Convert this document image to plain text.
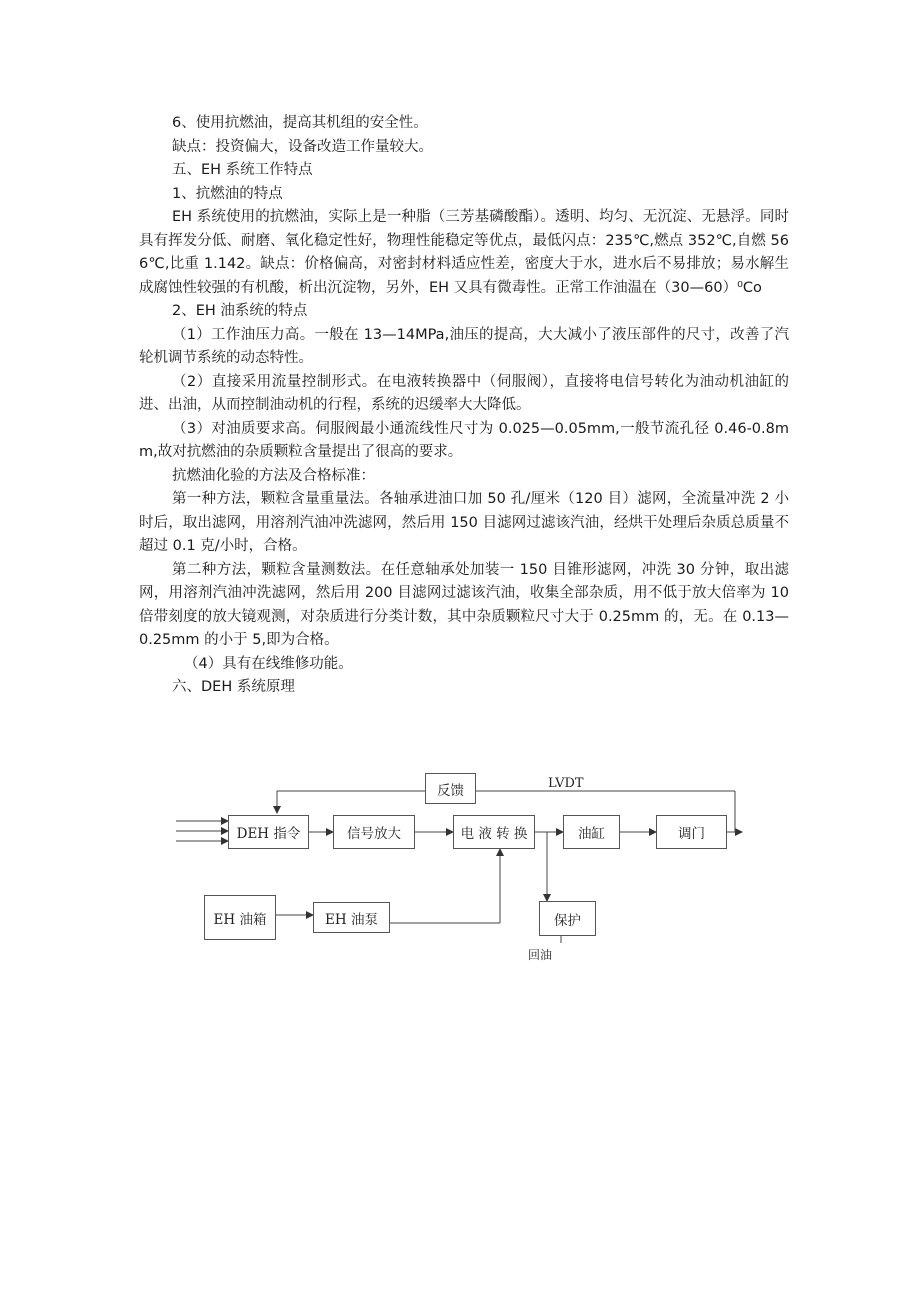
6、使用抗燃油，提高其机组的安全性。

缺点：投资偏大，设备改造工作量较大。

五、EH 系统工作特点

1、抗燃油的特点

EH 系统使用的抗燃油，实际上是一种脂（三芳基磷酸酯）。透明、均匀、无沉淀、无悬浮。同时具有挥发分低、耐磨、氧化稳定性好，物理性能稳定等优点，最低闪点：235℃,燃点 352℃,自燃 566℃,比重 1.142。缺点：价格偏高，对密封材料适应性差，密度大于水，进水后不易排放；易水解生成腐蚀性较强的有机酸，析出沉淀物，另外，EH 又具有微毒性。正常工作油温在（30—60）⁰Co

2、EH 油系统的特点

（1）工作油压力高。一般在 13—14MPa,油压的提高，大大减小了液压部件的尺寸，改善了汽轮机调节系统的动态特性。

（2）直接采用流量控制形式。在电液转换器中（伺服阀），直接将电信号转化为油动机油缸的进、出油，从而控制油动机的行程，系统的迟缓率大大降低。

（3）对油质要求高。伺服阀最小通流线性尺寸为 0.025—0.05mm,一般节流孔径 0.46-0.8mm,故对抗燃油的杂质颗粒含量提出了很高的要求。

抗燃油化验的方法及合格标准：

第一种方法，颗粒含量重量法。各轴承进油口加 50 孔/厘米（120 目）滤网，全流量冲洗 2 小时后，取出滤网，用溶剂汽油冲洗滤网，然后用 150 目滤网过滤该汽油，经烘干处理后杂质总质量不超过 0.1 克/小时，合格。

第二种方法，颗粒含量测数法。在任意轴承处加装一 150 目锥形滤网，冲洗 30 分钟，取出滤网，用溶剂汽油冲洗滤网，然后用 200 目滤网过滤该汽油，收集全部杂质，用不低于放大倍率为 10 倍带刻度的放大镜观测，对杂质进行分类计数，其中杂质颗粒尺寸大于 0.25mm 的，无。在 0.13—0.25mm 的小于 5,即为合格。

（4）具有在线维修功能。

六、DEH 系统原理

反馈	LVDT
DEH 指令	信号放大	电 液 转 换	油缸	调门
EH 油箱	EH 油泵	保护
回油
